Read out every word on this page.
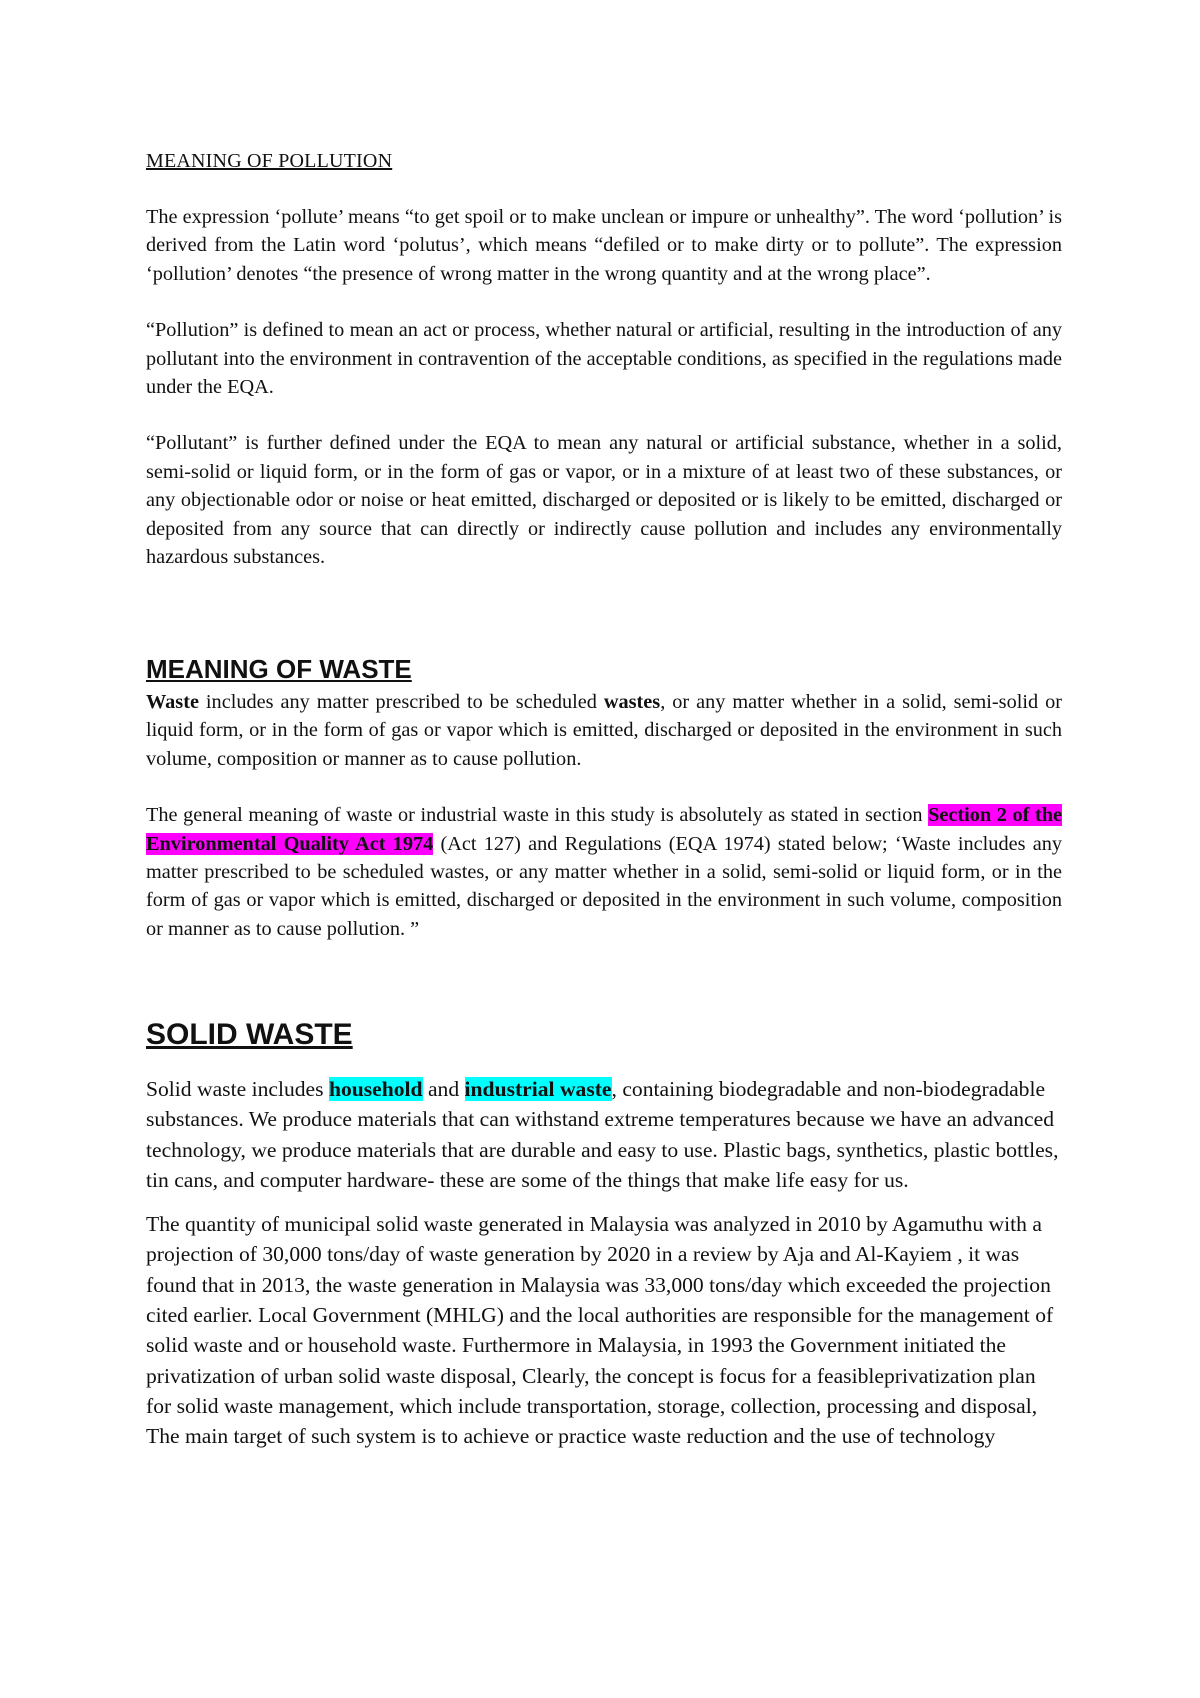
MEANING OF POLLUTION

The expression ‘pollute’ means “to get spoil or to make unclean or impure or unhealthy”. The word ‘pollution’ is derived from the Latin word ‘polutus’, which means “defiled or to make dirty or to pollute”. The expression ‘pollution’ denotes “the presence of wrong matter in the wrong quantity and at the wrong place”.

“Pollution” is defined to mean an act or process, whether natural or artificial, resulting in the introduction of any pollutant into the environment in contravention of the acceptable conditions, as specified in the regulations made under the EQA.

“Pollutant” is further defined under the EQA to mean any natural or artificial substance, whether in a solid, semi-solid or liquid form, or in the form of gas or vapor, or in a mixture of at least two of these substances, or any objectionable odor or noise or heat emitted, discharged or deposited or is likely to be emitted, discharged or deposited from any source that can directly or indirectly cause pollution and includes any environmentally hazardous substances.

MEANING OF WASTE

Waste includes any matter prescribed to be scheduled wastes, or any matter whether in a solid, semi-solid or liquid form, or in the form of gas or vapor which is emitted, discharged or deposited in the environment in such volume, composition or manner as to cause pollution.

The general meaning of waste or industrial waste in this study is absolutely as stated in section Section 2 of the Environmental Quality Act 1974 (Act 127) and Regulations (EQA 1974) stated below; ‘Waste includes any matter prescribed to be scheduled wastes, or any matter whether in a solid, semi-solid or liquid form, or in the form of gas or vapor which is emitted, discharged or deposited in the environment in such volume, composition or manner as to cause pollution. ”

SOLID WASTE

Solid waste includes household and industrial waste, containing biodegradable and non-biodegradable substances. We produce materials that can withstand extreme temperatures because we have an advanced technology, we produce materials that are durable and easy to use. Plastic bags, synthetics, plastic bottles, tin cans, and computer hardware- these are some of the things that make life easy for us.

The quantity of municipal solid waste generated in Malaysia was analyzed in 2010 by Agamuthu with a projection of 30,000 tons/day of waste generation by 2020 in a review by Aja and Al-Kayiem , it was found that in 2013, the waste generation in Malaysia was 33,000 tons/day which exceeded the projection cited earlier. Local Government (MHLG) and the local authorities are responsible for the management of solid waste and or household waste. Furthermore in Malaysia, in 1993 the Government initiated the privatization of urban solid waste disposal, Clearly, the concept is focus for a feasibleprivatization plan for solid waste management, which include transportation, storage, collection, processing and disposal, The main target of such system is to achieve or practice waste reduction and the use of technology
